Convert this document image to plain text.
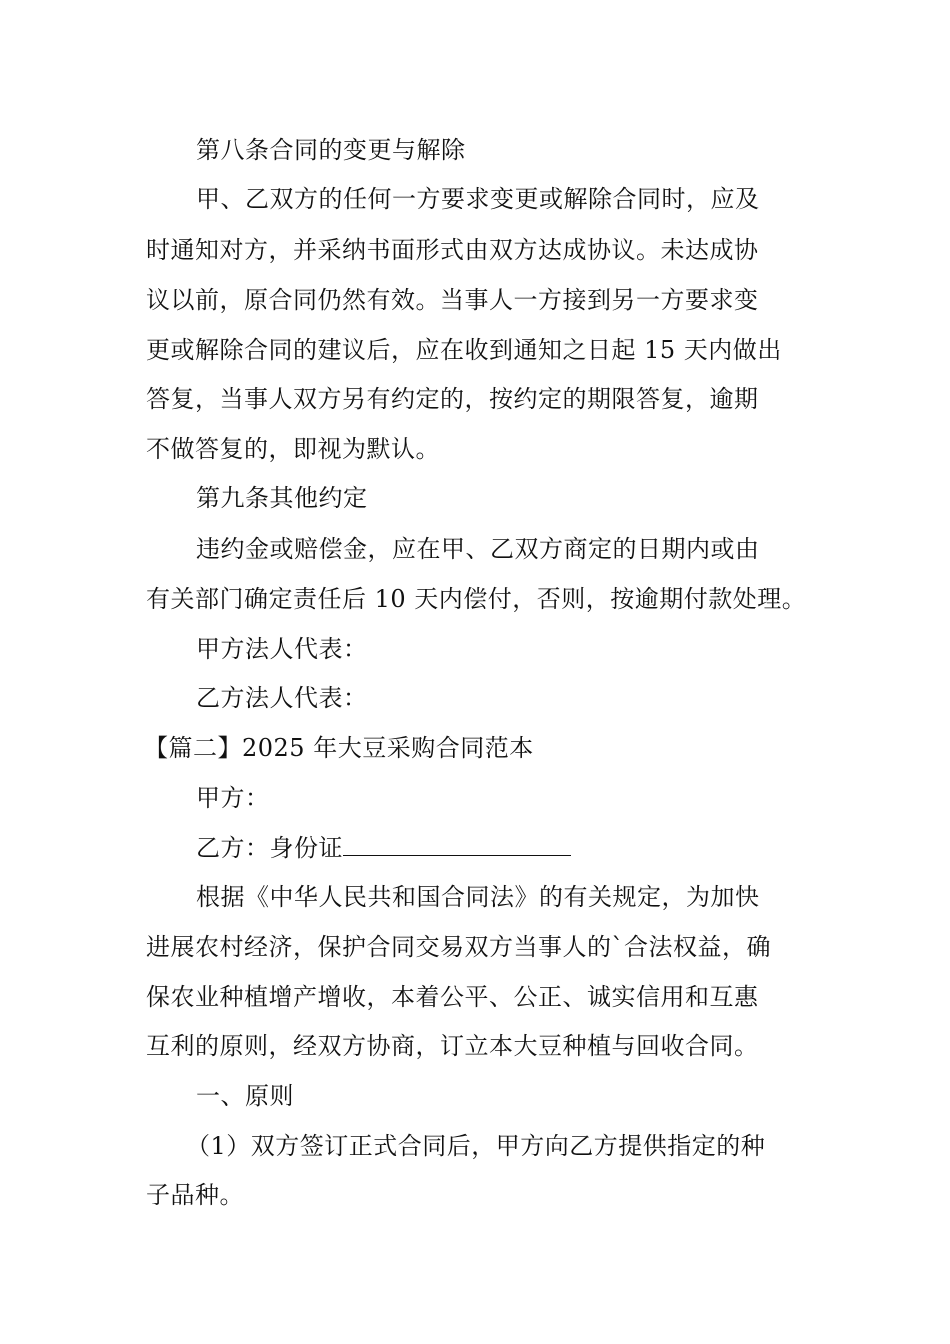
第八条合同的变更与解除
甲、乙双方的任何一方要求变更或解除合同时，应及
时通知对方，并采纳书面形式由双方达成协议。未达成协
议以前，原合同仍然有效。当事人一方接到另一方要求变
更或解除合同的建议后，应在收到通知之日起 15 天内做出
答复，当事人双方另有约定的，按约定的期限答复，逾期
不做答复的，即视为默认。
第九条其他约定
违约金或赔偿金，应在甲、乙双方商定的日期内或由
有关部门确定责任后 10 天内偿付，否则，按逾期付款处理。
甲方法人代表：
乙方法人代表：
【篇二】2025 年大豆采购合同范本
甲方：
乙方：身份证
根据《中华人民共和国合同法》的有关规定，为加快
进展农村经济，保护合同交易双方当事人的`合法权益，确
保农业种植增产增收，本着公平、公正、诚实信用和互惠
互利的原则，经双方协商，订立本大豆种植与回收合同。
一、原则
（1）双方签订正式合同后，甲方向乙方提供指定的种
子品种。
